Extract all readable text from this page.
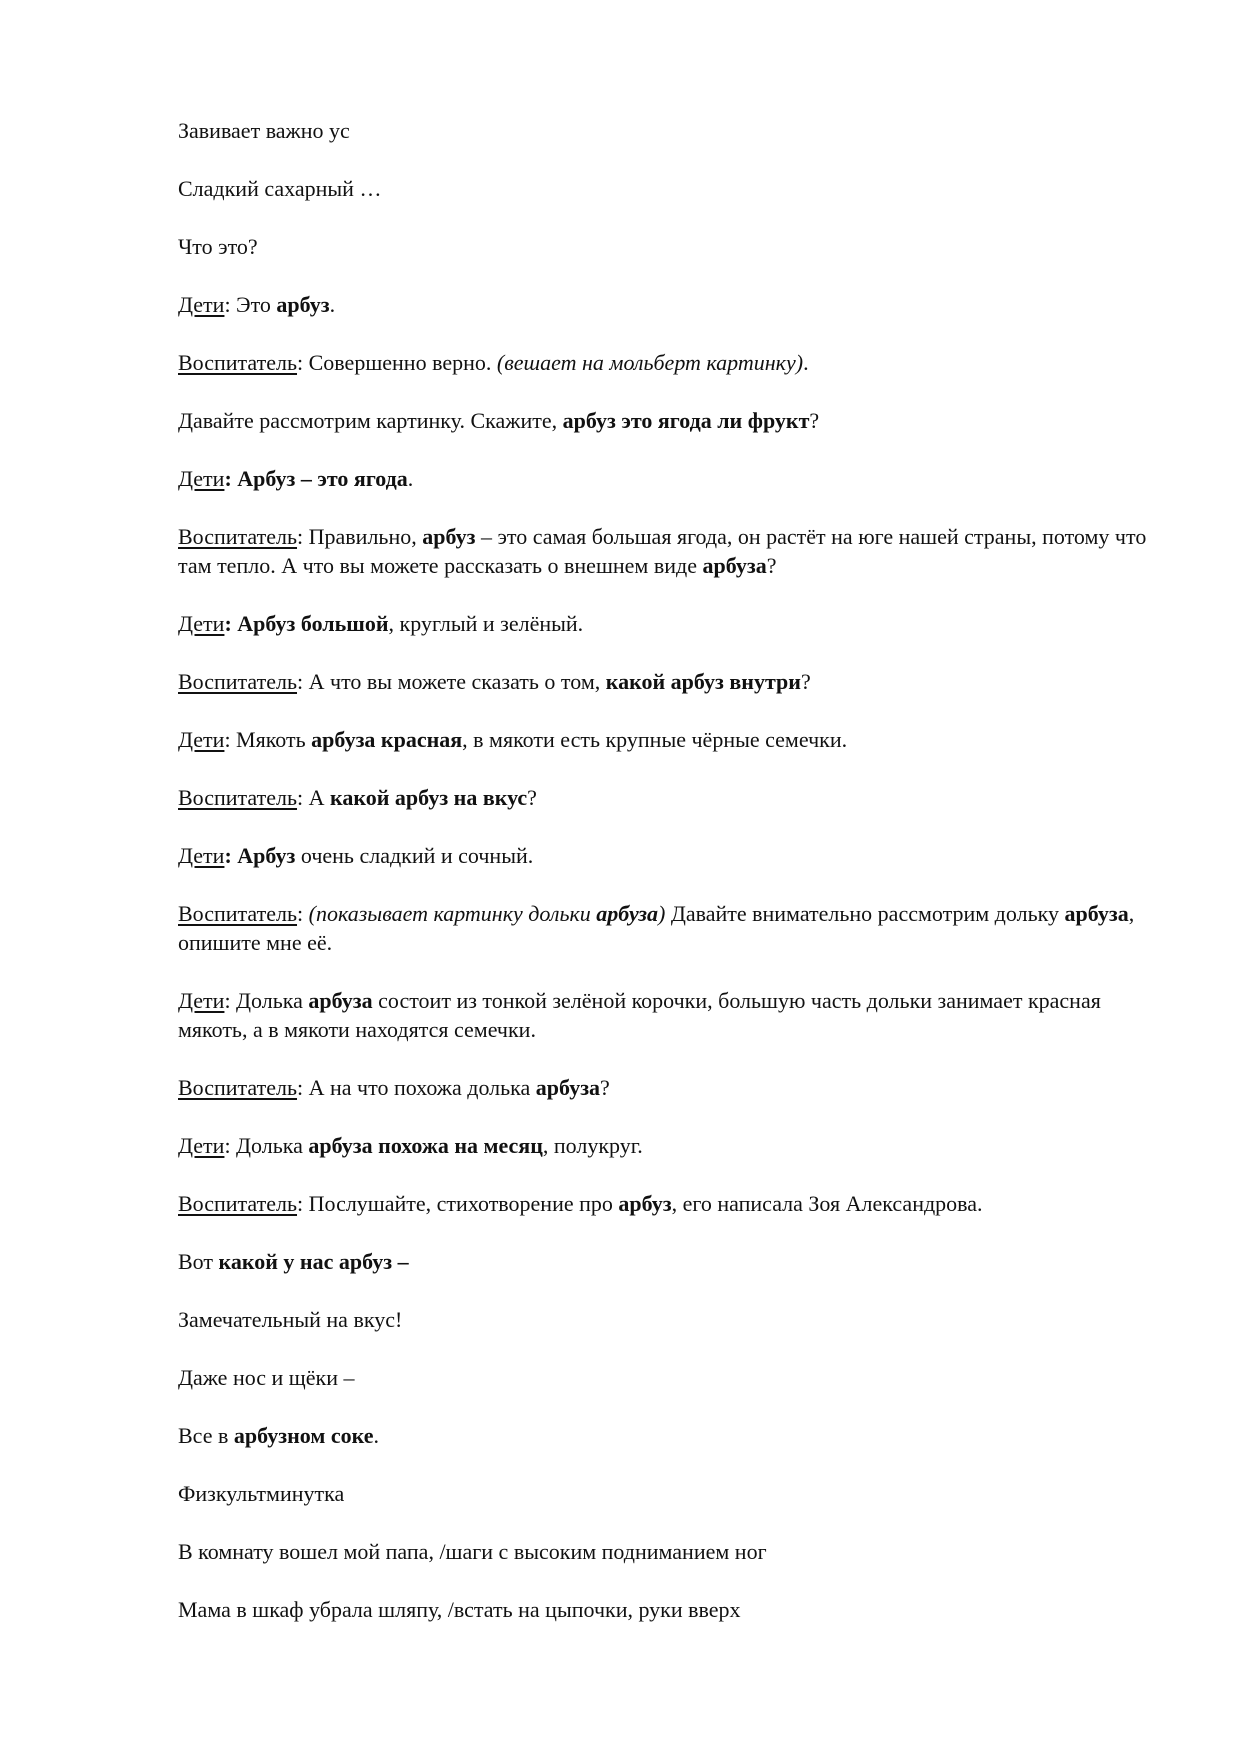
Завивает важно ус

Сладкий сахарный …

Что это?

Дети: Это арбуз.

Воспитатель: Совершенно верно. (вешает на мольберт картинку).

Давайте рассмотрим картинку. Скажите, арбуз это ягода ли фрукт?

Дети: Арбуз – это ягода.

Воспитатель: Правильно, арбуз – это самая большая ягода, он растёт на юге нашей страны, потому что там тепло. А что вы можете рассказать о внешнем виде арбуза?

Дети: Арбуз большой, круглый и зелёный.

Воспитатель: А что вы можете сказать о том, какой арбуз внутри?

Дети: Мякоть арбуза красная, в мякоти есть крупные чёрные семечки.

Воспитатель: А какой арбуз на вкус?

Дети: Арбуз очень сладкий и сочный.

Воспитатель: (показывает картинку дольки арбуза) Давайте внимательно рассмотрим дольку арбуза, опишите мне её.

Дети: Долька арбуза состоит из тонкой зелёной корочки, большую часть дольки занимает красная мякоть, а в мякоти находятся семечки.

Воспитатель: А на что похожа долька арбуза?

Дети: Долька арбуза похожа на месяц, полукруг.

Воспитатель: Послушайте, стихотворение про арбуз, его написала Зоя Александрова.

Вот какой у нас арбуз –

Замечательный на вкус!

Даже нос и щёки –

Все в арбузном соке.

Физкультминутка

В комнату вошел мой папа, /шаги с высоким подниманием ног

Мама в шкаф убрала шляпу, /встать на цыпочки, руки вверх
